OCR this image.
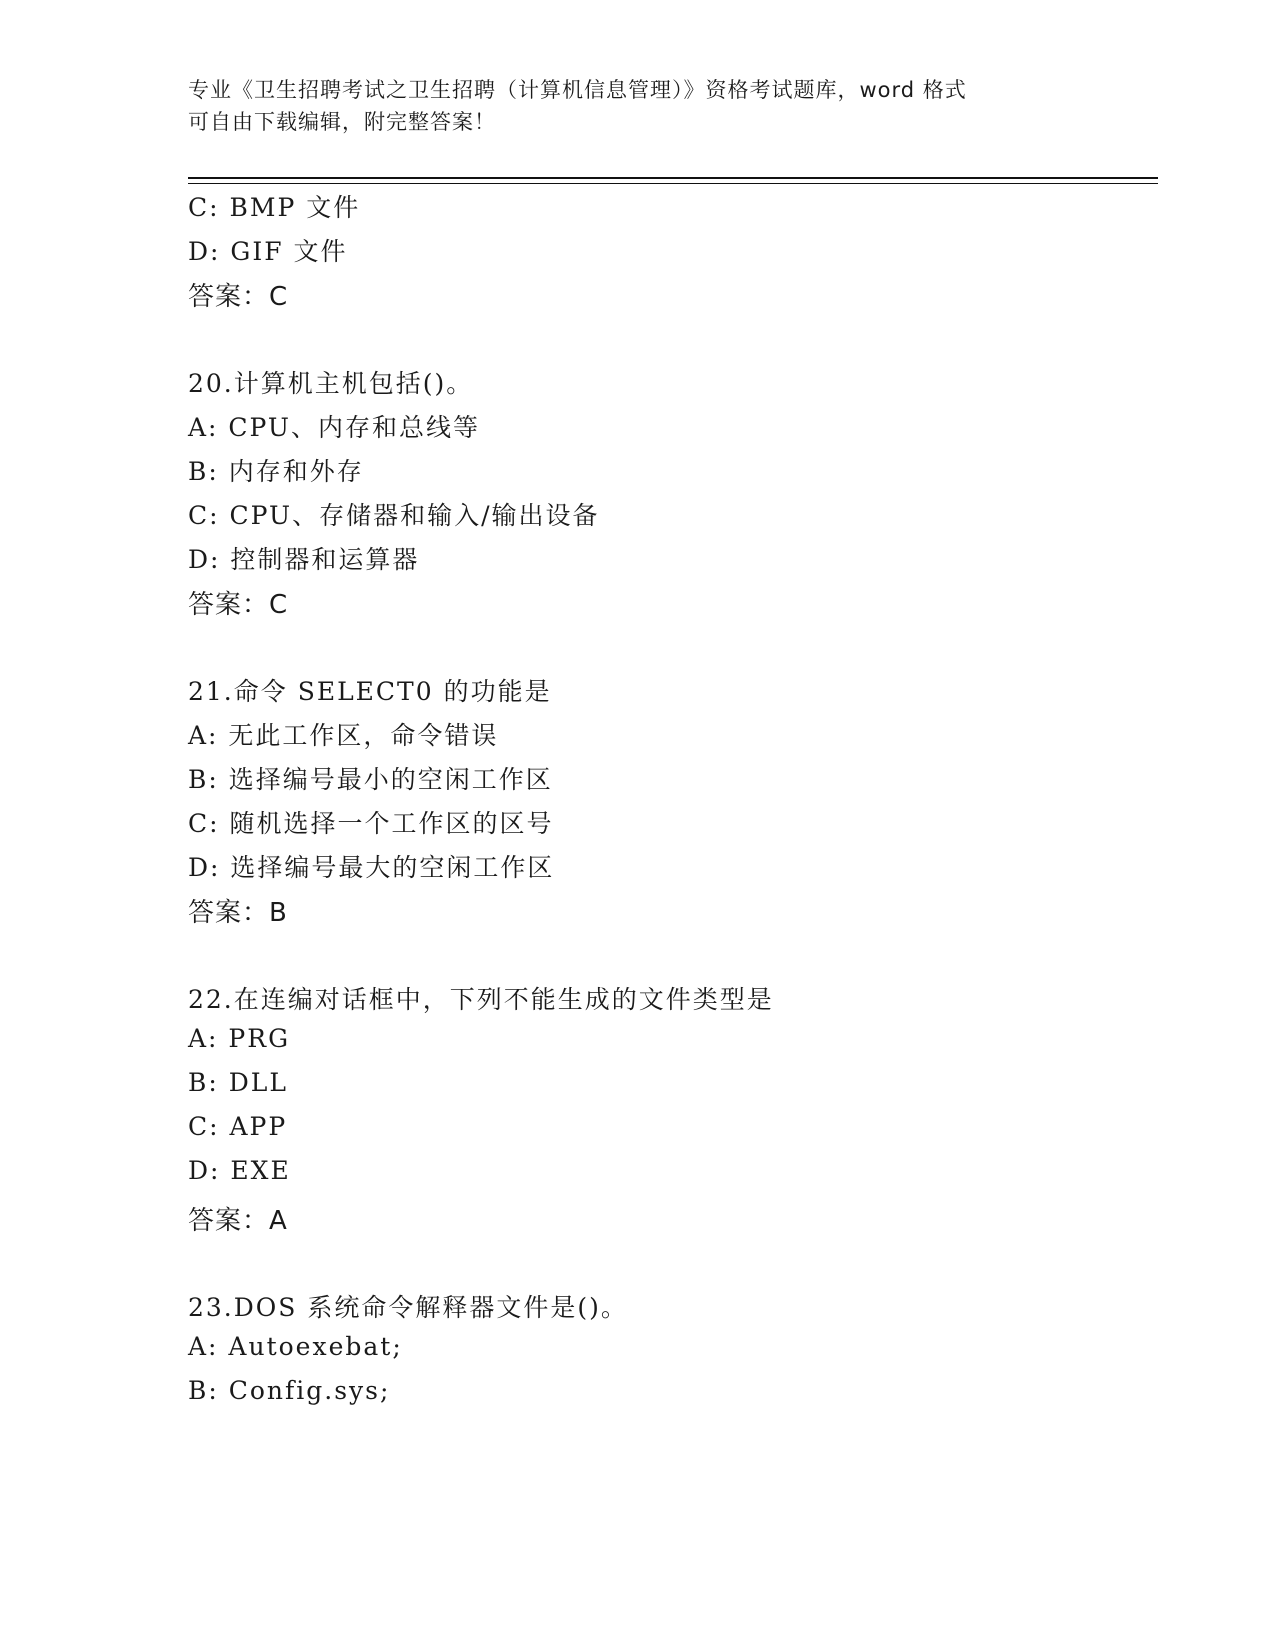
专业《卫生招聘考试之卫生招聘（计算机信息管理）》资格考试题库，word 格式
可自由下载编辑，附完整答案！
C: BMP 文件
D: GIF 文件
答案：C
20.计算机主机包括()。
A: CPU、内存和总线等
B: 内存和外存
C: CPU、存储器和输入/输出设备
D: 控制器和运算器
答案：C
21.命令 SELECT0 的功能是
A: 无此工作区，命令错误
B: 选择编号最小的空闲工作区
C: 随机选择一个工作区的区号
D: 选择编号最大的空闲工作区
答案：B
22.在连编对话框中，下列不能生成的文件类型是
A: PRG
B: DLL
C: APP
D: EXE
答案：A
23.DOS 系统命令解释器文件是()。
A: Autoexebat;
B: Config.sys;
